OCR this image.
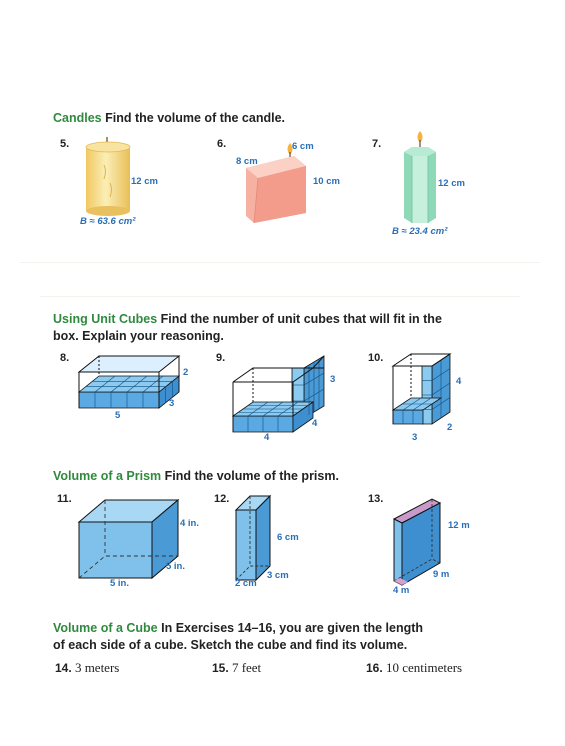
Candles Find the volume of the candle.
5.
12 cm
B ≈ 63.6 cm²
6.	6 cm
8 cm
10 cm
7.
12 cm
B ≈ 23.4 cm²
Using Unit Cubes Find the number of unit cubes that will fit in the
box. Explain your reasoning.
8.
2
3
5
9.
3
4
4
10.
4
2
3
Volume of a Prism Find the volume of the prism.
11.
4 in.
5 in.
5 in.
12.
6 cm
3 cm
2 cm
13.
12 m
9 m
4 m
Volume of a Cube In Exercises 14–16, you are given the length
of each side of a cube. Sketch the cube and find its volume.
14. 3 meters	15. 7 feet	16. 10 centimeters
